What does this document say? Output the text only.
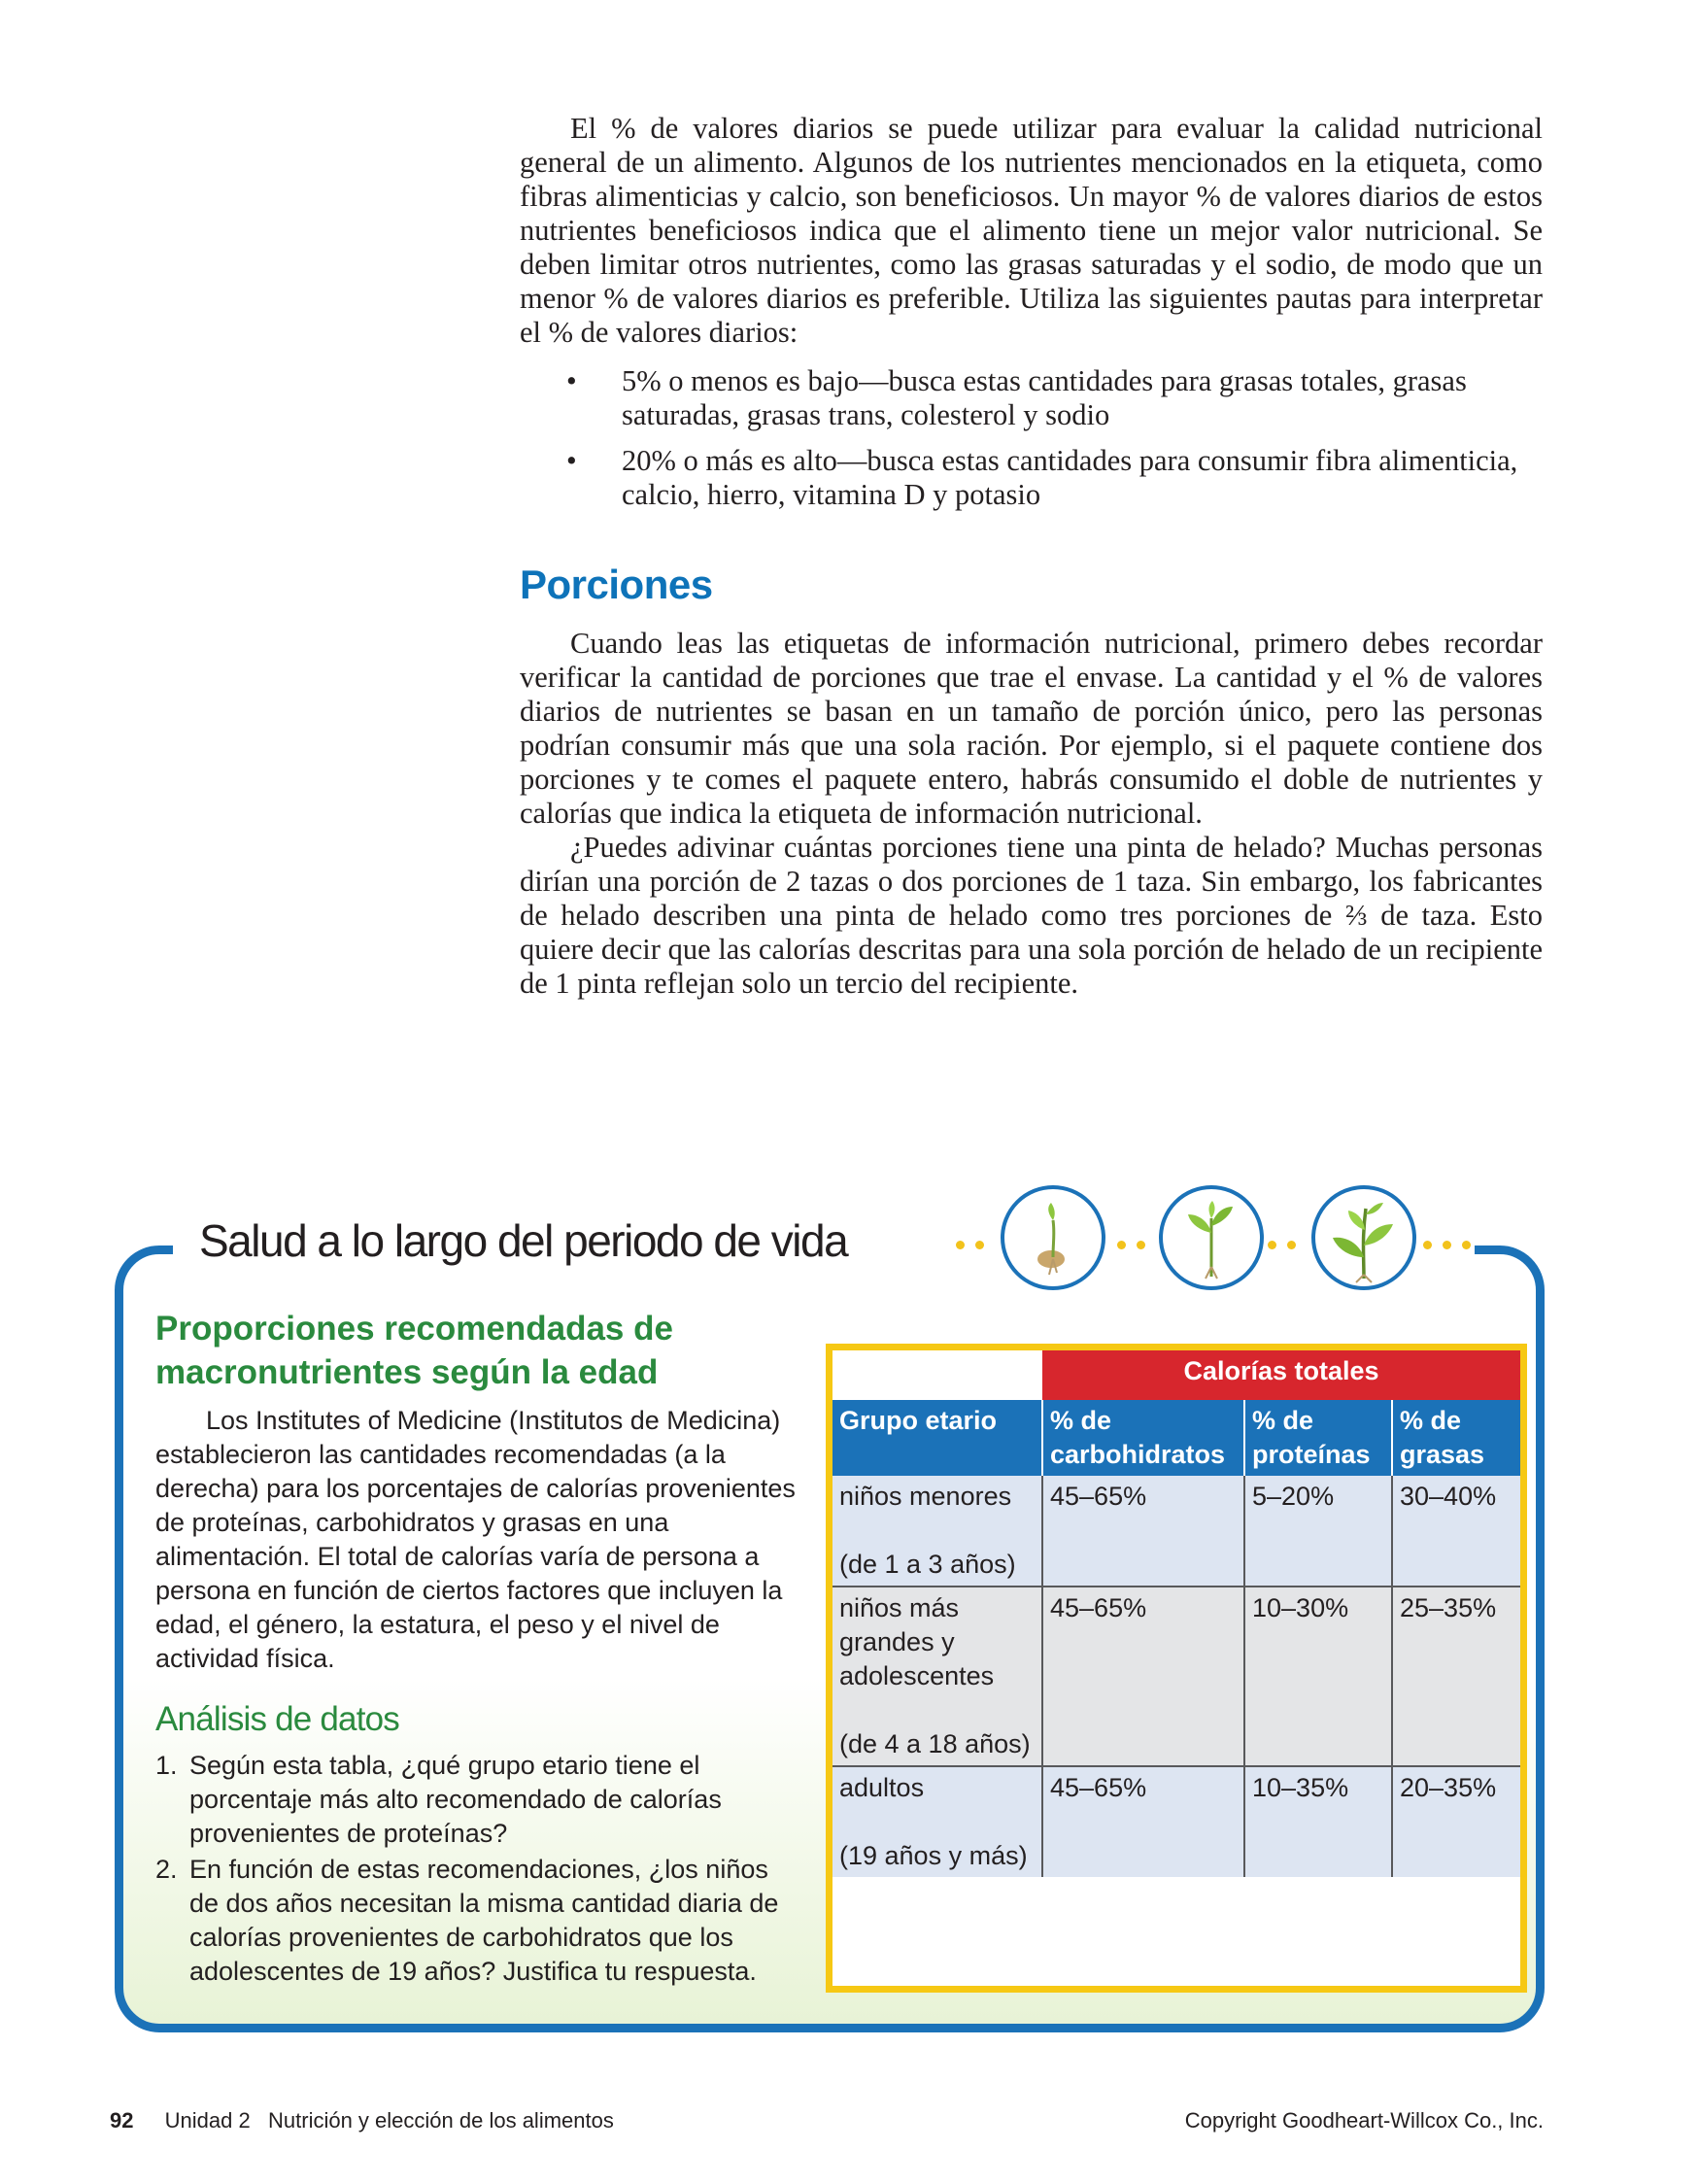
El % de valores diarios se puede utilizar para evaluar la calidad nutricional general de un alimento. Algunos de los nutrientes mencionados en la etiqueta, como fibras alimenticias y calcio, son beneficiosos. Un mayor % de valores diarios de estos nutrientes beneficiosos indica que el alimento tiene un mejor valor nutricional. Se deben limitar otros nutrientes, como las grasas saturadas y el sodio, de modo que un menor % de valores diarios es preferible. Utiliza las siguientes pautas para interpretar el % de valores diarios:

• 5% o menos es bajo—busca estas cantidades para grasas totales, grasas saturadas, grasas trans, colesterol y sodio
• 20% o más es alto—busca estas cantidades para consumir fibra alimenticia, calcio, hierro, vitamina D y potasio
Porciones

Cuando leas las etiquetas de información nutricional, primero debes recordar verificar la cantidad de porciones que trae el envase. La cantidad y el % de valores diarios de nutrientes se basan en un tamaño de porción único, pero las personas podrían consumir más que una sola ración. Por ejemplo, si el paquete contiene dos porciones y te comes el paquete entero, habrás consumido el doble de nutrientes y calorías que indica la etiqueta de información nutricional.

¿Puedes adivinar cuántas porciones tiene una pinta de helado? Muchas personas dirían una porción de 2 tazas o dos porciones de 1 taza. Sin embargo, los fabricantes de helado describen una pinta de helado como tres porciones de ⅔ de taza. Esto quiere decir que las calorías descritas para una sola porción de helado de un recipiente de 1 pinta reflejan solo un tercio del recipiente.

Salud a lo largo del periodo de vida
Proporciones recomendadas de macronutrientes según la edad

Los Institutes of Medicine (Institutos de Medicina) establecieron las cantidades recomendadas (a la derecha) para los porcentajes de calorías provenientes de proteínas, carbohidratos y grasas en una alimentación. El total de calorías varía de persona a persona en función de ciertos factores que incluyen la edad, el género, la estatura, el peso y el nivel de actividad física.

Análisis de datos
1. Según esta tabla, ¿qué grupo etario tiene el porcentaje más alto recomendado de calorías provenientes de proteínas?
2. En función de estas recomendaciones, ¿los niños de dos años necesitan la misma cantidad diaria de calorías provenientes de carbohidratos que los adolescentes de 19 años? Justifica tu respuesta.
	Calorías totales		
Grupo etario	% de carbohidratos	% de proteínas	% de grasas
niños menores
(de 1 a 3 años)	45–65%	5–20%	30–40%
niños más grandes y adolescentes
(de 4 a 18 años)	45–65%	10–30%	25–35%
adultos
(19 años y más)	45–65%	10–35%	20–35%
92 Unidad 2   Nutrición y elección de los alimentos	Copyright Goodheart-Willcox Co., Inc.
